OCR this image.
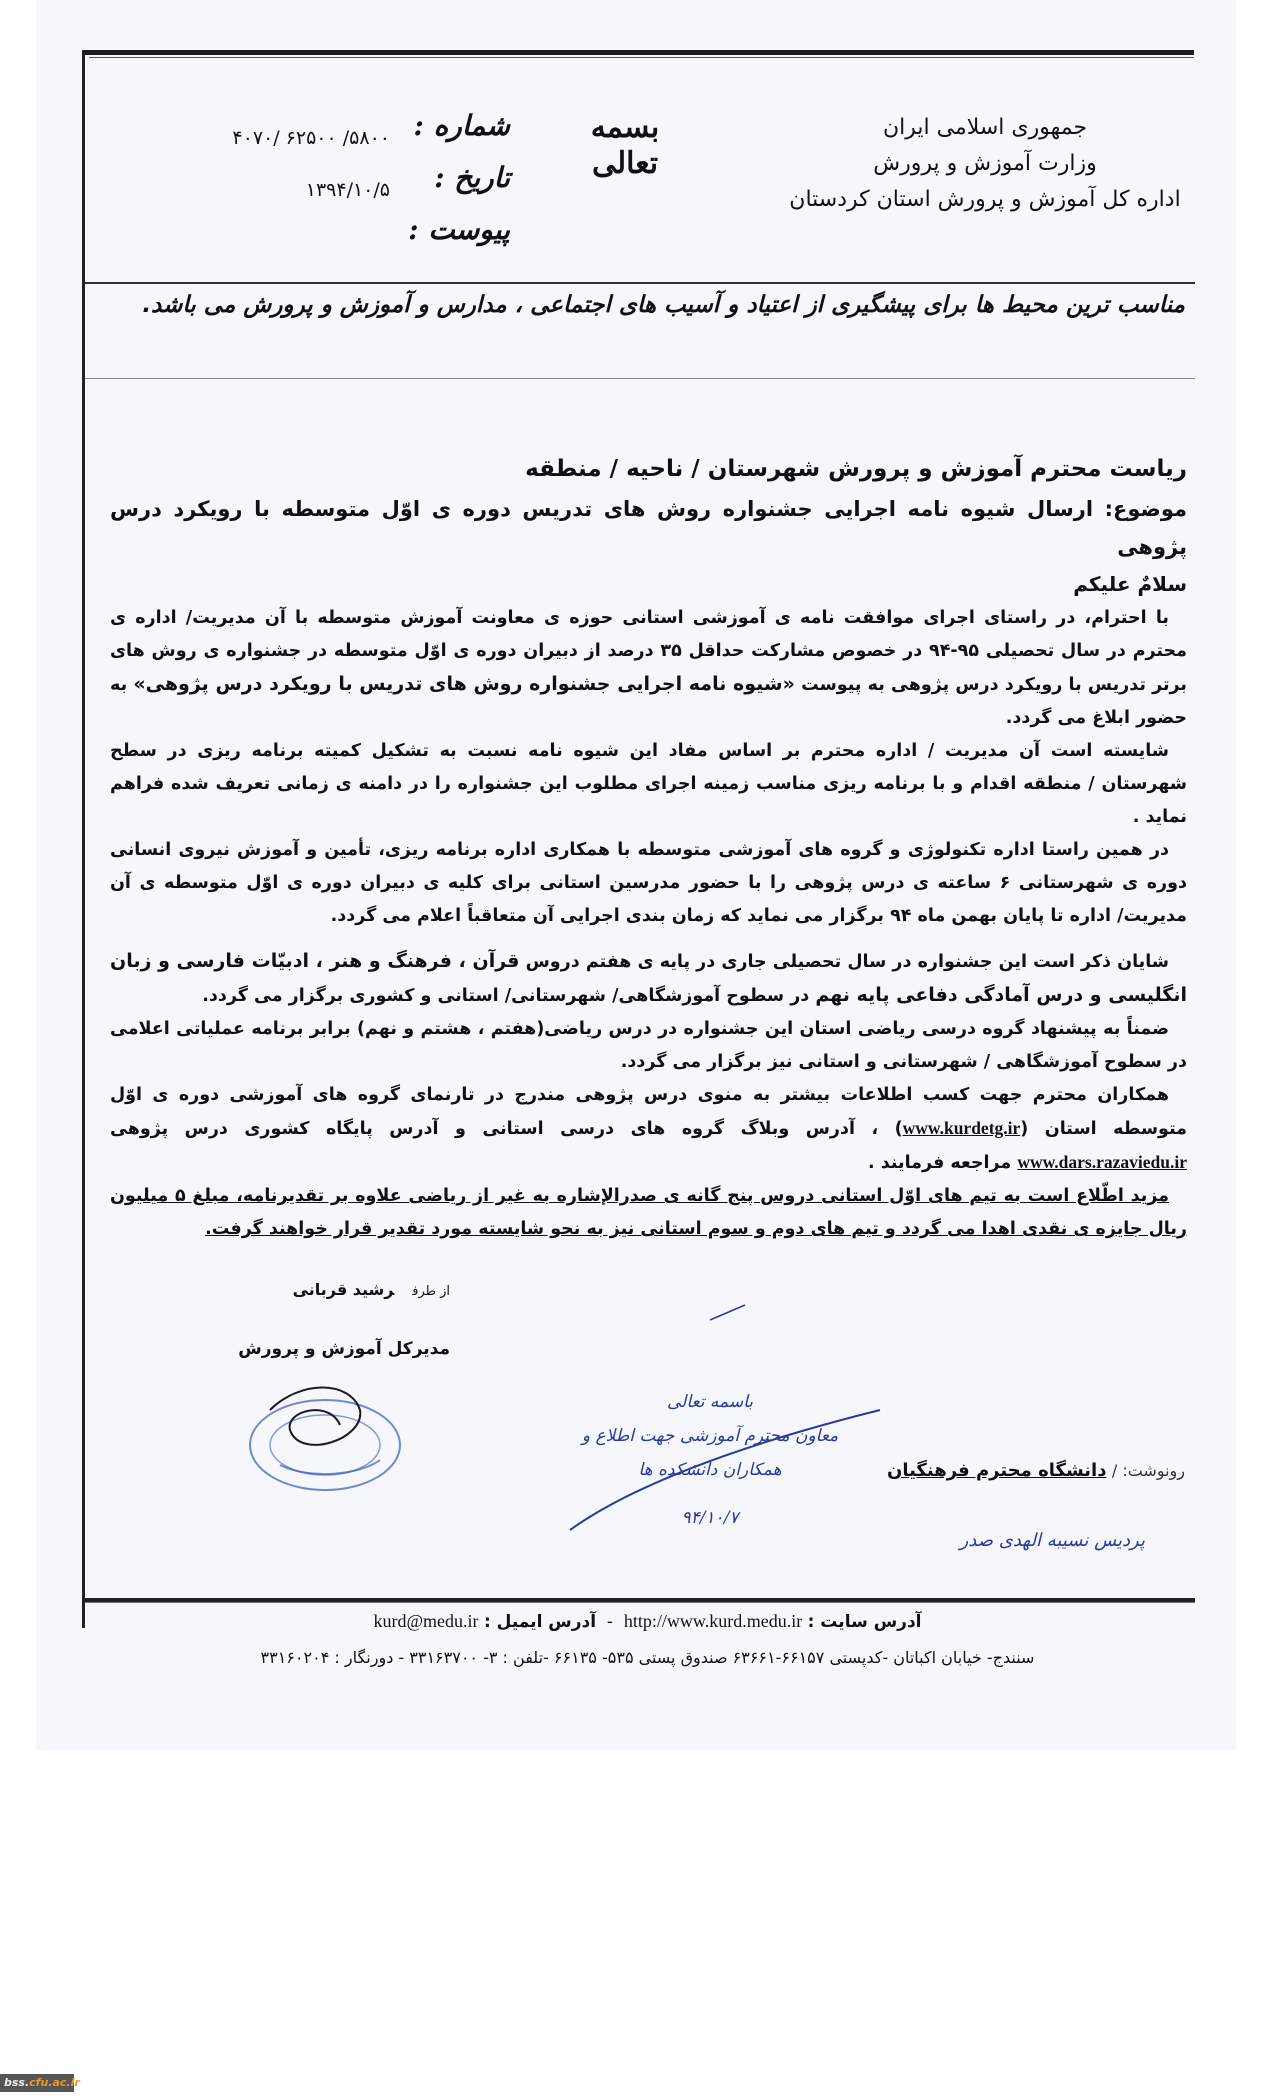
جمهوری اسلامی ایران
وزارت آموزش و پرورش
اداره کل آموزش و پرورش استان کردستان
بسمه تعالی
شماره :
تاریخ :
پیوست :
۵۸۰۰/ ۶۲۵۰۰ /۴۰۷۰
۱۳۹۴/۱۰/۵
مناسب ترین محیط ها برای پیشگیری از اعتیاد و آسیب های اجتماعی ، مدارس و آموزش و پرورش می باشد.
ریاست محترم آموزش و پرورش شهرستان / ناحیه / منطقه
موضوع: ارسال شیوه نامه اجرایی جشنواره روش های تدریس دوره ی اوّل متوسطه با رویکرد درس پژوهی
سلامٌ علیکم

با احترام، در راستای اجرای موافقت نامه ی آموزشی استانی حوزه ی معاونت آموزش متوسطه با آن مدیریت/ اداره ی محترم در سال تحصیلی ۹۵-۹۴ در خصوص مشارکت حداقل ۳۵ درصد از دبیران دوره ی اوّل متوسطه در جشنواره ی روش های برتر تدریس با رویکرد درس پژوهی به پیوست «شیوه نامه اجرایی جشنواره روش های تدریس با رویکرد درس پژوهی» به حضور ابلاغ می گردد.

شایسته است آن مدیریت / اداره محترم بر اساس مفاد این شیوه نامه نسبت به تشکیل کمیته برنامه ریزی در سطح شهرستان / منطقه اقدام و با برنامه ریزی مناسب زمینه اجرای مطلوب این جشنواره را در دامنه ی زمانی تعریف شده فراهم نماید .

در همین راستا اداره تکنولوژی و گروه های آموزشی متوسطه با همکاری اداره برنامه ریزی، تأمین و آموزش نیروی انسانی دوره ی شهرستانی ۶ ساعته ی درس پژوهی را با حضور مدرسین استانی برای کلیه ی دبیران دوره ی اوّل متوسطه ی آن مدیریت/ اداره تا پایان بهمن ماه ۹۴ برگزار می نماید که زمان بندی اجرایی آن متعاقباً اعلام می گردد.

شایان ذکر است این جشنواره در سال تحصیلی جاری در پایه ی هفتم دروس قرآن ، فرهنگ و هنر ، ادبیّات فارسی و زبان انگلیسی و درس آمادگی دفاعی پایه نهم در سطوح آموزشگاهی/ شهرستانی/ استانی و کشوری برگزار می گردد.

ضمناً به پیشنهاد گروه درسی ریاضی استان این جشنواره در درس ریاضی(هفتم ، هشتم و نهم) برابر برنامه عملیاتی اعلامی در سطوح آموزشگاهی / شهرستانی و استانی نیز برگزار می گردد.

همکاران محترم جهت کسب اطلاعات بیشتر به منوی درس پژوهی مندرج در تارنمای گروه های آموزشی دوره ی اوّل متوسطه استان (www.kurdetg.ir) ، آدرس وبلاگ گروه های درسی استانی و آدرس پایگاه کشوری درس پژوهی www.dars.razaviedu.ir مراجعه فرمایند .

مزید اطّلاع است به تیم های اوّل استانی دروس پنج گانه ی صدرالإشاره به غیر از ریاضی علاوه بر تقدیرنامه، مبلغ ۵ میلیون ریال جایزه ی نقدی اهدا می گردد و تیم های دوم و سوم استانی نیز به نحو شایسته مورد تقدیر قرار خواهند گرفت.

از طرفرشید قربانی
مدیرکل آموزش و پرورش
باسمه تعالی
معاون محترم آموزشی جهت اطلاع و
همکاران دانشکده ها
۹۴/۱۰/۷
رونوشت: / دانشگاه محترم فرهنگیان
پردیس نسیبه الهدی صدر
آدرس سایت : http://www.kurd.medu.ir  -  آدرس ایمیل : kurd@medu.ir
سنندج- خیابان اکباتان -کدپستی ۶۶۱۵۷-۶۳۶۶۱ صندوق پستی ۵۳۵- ۶۶۱۳۵ -تلفن : ۳- ۳۳۱۶۳۷۰۰ - دورنگار : ۳۳۱۶۰۲۰۴
bss.cfu.ac.ir
